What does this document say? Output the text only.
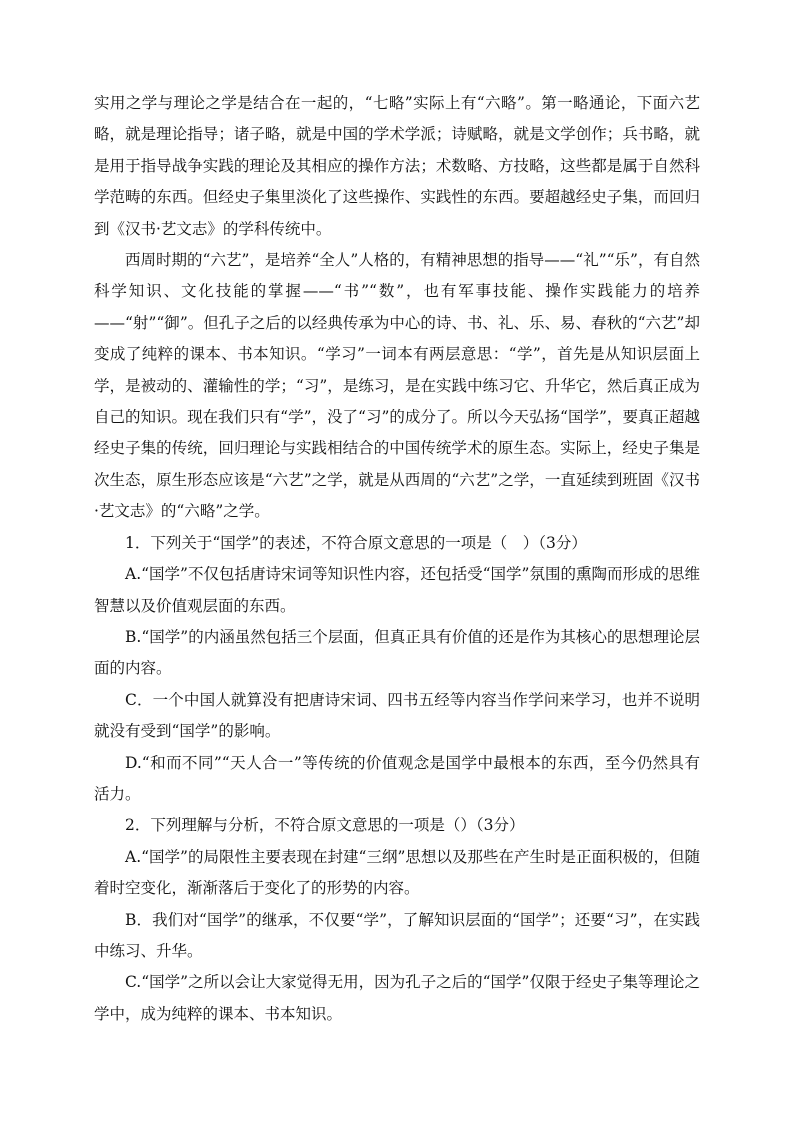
实用之学与理论之学是结合在一起的，“七略”实际上有“六略”。第一略通论，下面六艺略，就是理论指导；诸子略，就是中国的学术学派；诗赋略，就是文学创作；兵书略，就是用于指导战争实践的理论及其相应的操作方法；术数略、方技略，这些都是属于自然科学范畴的东西。但经史子集里淡化了这些操作、实践性的东西。要超越经史子集，而回归到《汉书·艺文志》的学科传统中。

西周时期的“六艺”，是培养“全人”人格的，有精神思想的指导——“礼”“乐”，有自然科学知识、文化技能的掌握——“书”“数”，也有军事技能、操作实践能力的培养——“射”“御”。但孔子之后的以经典传承为中心的诗、书、礼、乐、易、春秋的“六艺”却变成了纯粹的课本、书本知识。“学习”一词本有两层意思：“学”，首先是从知识层面上学，是被动的、灌输性的学；“习”，是练习，是在实践中练习它、升华它，然后真正成为自己的知识。现在我们只有“学”，没了“习”的成分了。所以今天弘扬“国学”，要真正超越经史子集的传统，回归理论与实践相结合的中国传统学术的原生态。实际上，经史子集是次生态，原生形态应该是“六艺”之学，就是从西周的“六艺”之学，一直延续到班固《汉书·艺文志》的“六略”之学。

1．下列关于“国学”的表述，不符合原文意思的一项是（　）（3分）

A.“国学”不仅包括唐诗宋词等知识性内容，还包括受“国学”氛围的熏陶而形成的思维智慧以及价值观层面的东西。

B.“国学”的内涵虽然包括三个层面，但真正具有价值的还是作为其核心的思想理论层面的内容。

C．一个中国人就算没有把唐诗宋词、四书五经等内容当作学问来学习，也并不说明就没有受到“国学”的影响。

D.“和而不同”“天人合一”等传统的价值观念是国学中最根本的东西，至今仍然具有活力。

2．下列理解与分析，不符合原文意思的一项是（）（3分）

A.“国学”的局限性主要表现在封建“三纲”思想以及那些在产生时是正面积极的，但随着时空变化，渐渐落后于变化了的形势的内容。

B．我们对“国学”的继承，不仅要“学”，了解知识层面的“国学”；还要“习”，在实践中练习、升华。

C.“国学”之所以会让大家觉得无用，因为孔子之后的“国学”仅限于经史子集等理论之学中，成为纯粹的课本、书本知识。
